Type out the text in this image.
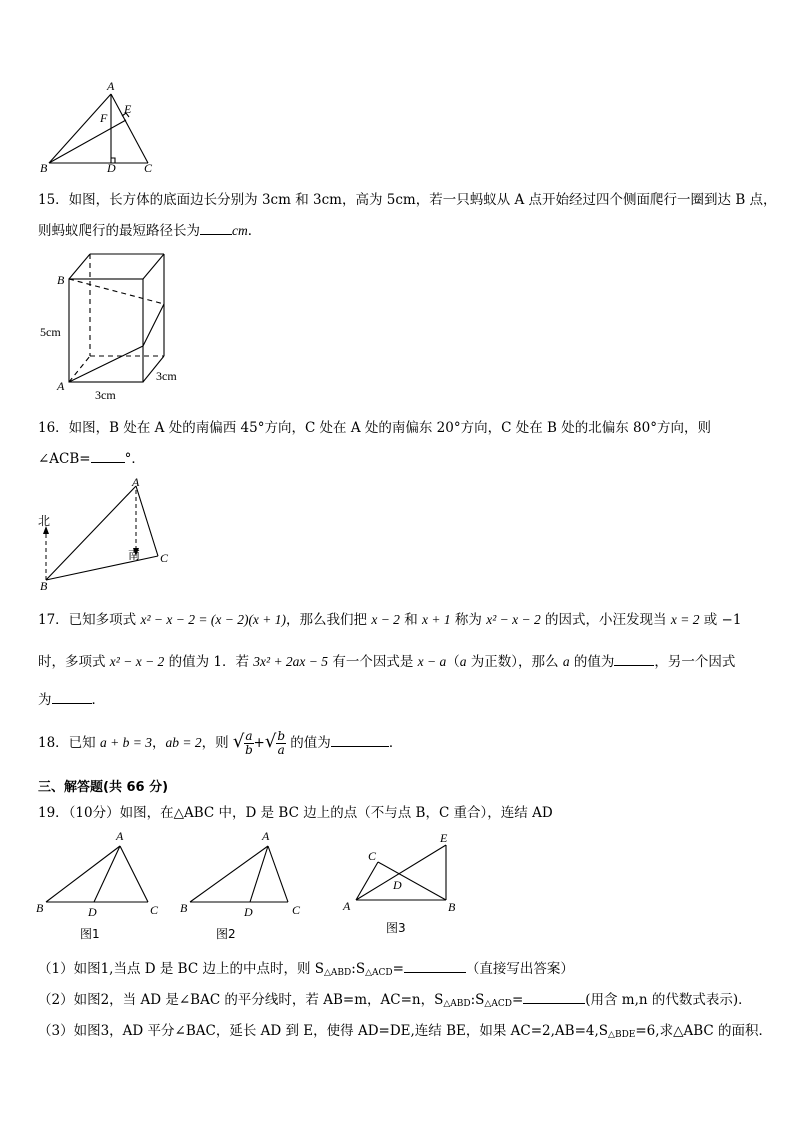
A
E
F
B	D C
15．如图，长方体的底面边长分别为 3cm 和 3cm，高为 5cm，若一只蚂蚁从 A 点开始经过四个侧面爬行一圈到达 B 点，
则蚂蚁爬行的最短路径长为 cm．
B
A
5cm
3cm
3cm
16．如图，B 处在 A 处的南偏西 45°方向，C 处在 A 处的南偏东 20°方向，C 处在 B 处的北偏东 80°方向，则
∠ACB=	°．
北
南
A
B
C
17．已知多项式 x² − x − 2 = (x − 2)(x + 1)，那么我们把 x − 2 和 x + 1 称为 x² − x − 2 的因式，小汪发现当 x = 2 或 −1
时，多项式 x² − x − 2 的值为 1．若 3x² + 2ax − 5 有一个因式是 x − a（a 为正数），那么 a 的值为	，另一个因式
为	．
18．已知 a + b = 3，ab = 2，则 √ $\frac{a}{b}$ +√ $\frac{b}{a}$ 的值为	．
三、解答题(共 66 分)
19．（10分）如图，在△ABC 中，D 是 BC 边上的点（不与点 B，C 重合），连结 AD
A
B	C
D
图1
A
B	C
D
图2
C
E
D
A	B
图3
（1）如图1,当点 D 是 BC 边上的中点时，则 $S_{\triangle ABD}:S_{\triangle ACD}=$	（直接写出答案）
（2）如图2，当 AD 是∠BAC 的平分线时，若 AB=m，AC=n，$S_{\triangle ABD}:S_{\triangle ACD}=$	(用含 m,n 的代数式表示)．
（3）如图3，AD 平分∠BAC，延长 AD 到 E，使得 AD=DE,连结 BE，如果 $AC=2,AB=4,S_{\triangle BDE}=6$,求△ABC 的面积．
